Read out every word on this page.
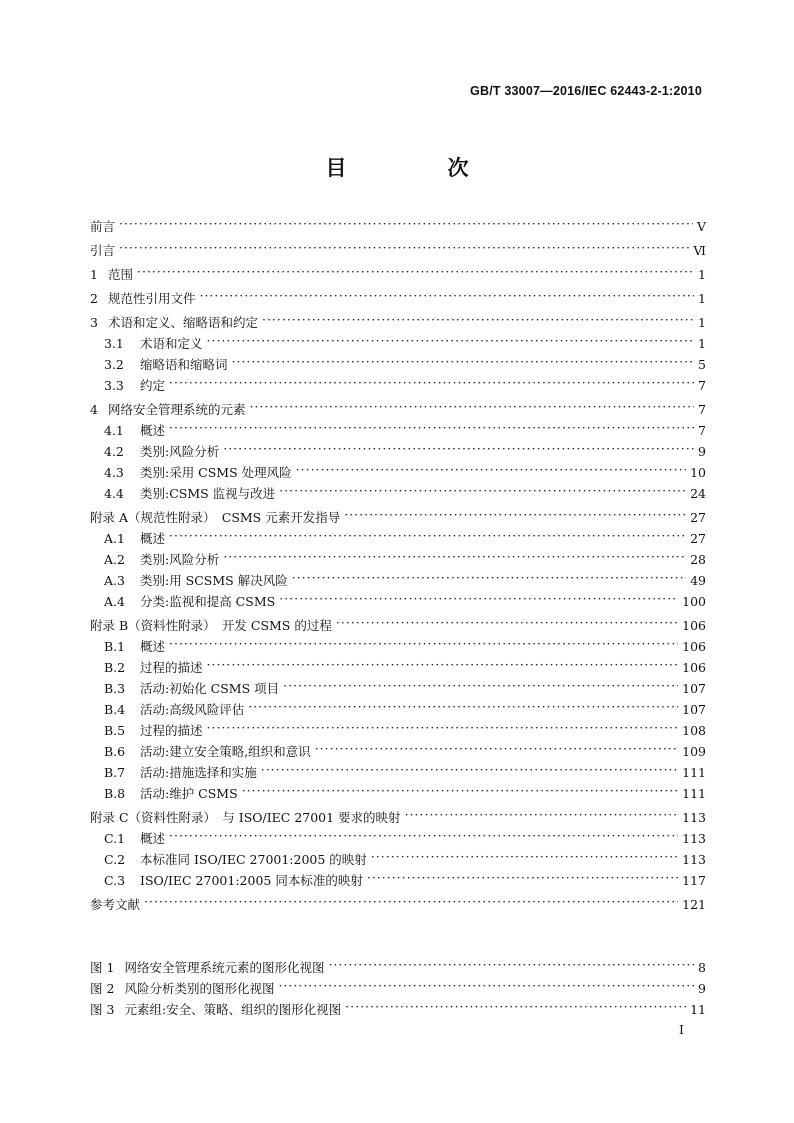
GB/T 33007—2016/IEC 62443-2-1:2010
目　次
前言 ·····	Ⅴ
引言 ·····	Ⅵ
1 范围 ·····	1
2 规范性引用文件 ·····	1
3 术语和定义、缩略语和约定 ·····	1
3.1	术语和定义 ·····	1
3.2	缩略语和缩略词 ·····	5
3.3	约定 ·····	7
4 网络安全管理系统的元素 ·····	7
4.1	概述 ·····	7
4.2	类别:风险分析 ·····	9
4.3	类别:采用 CSMS 处理风险 ·····	10
4.4	类别:CSMS 监视与改进 ·····	24
附录 A（规范性附录）　CSMS 元素开发指导 ·····	27
A.1	概述 ·····	27
A.2	类别:风险分析 ·····	28
A.3	类别:用 SCSMS 解决风险 ·····	49
A.4	分类:监视和提高 CSMS ·····	100
附录 B（资料性附录）　开发 CSMS 的过程 ·····	106
B.1	概述 ·····	106
B.2	过程的描述 ·····	106
B.3	活动:初始化 CSMS 项目 ·····	107
B.4	活动:高级风险评估 ·····	107
B.5	过程的描述 ·····	108
B.6	活动:建立安全策略,组织和意识 ·····	109
B.7	活动:措施选择和实施 ·····	111
B.8	活动:维护 CSMS ·····	111
附录 C（资料性附录）　与 ISO/IEC 27001 要求的映射 ·····	113
C.1	概述 ·····	113
C.2	本标准同 ISO/IEC 27001:2005 的映射 ·····	113
C.3	ISO/IEC 27001:2005 同本标准的映射 ·····	117
参考文献 ·····	121
图 1 网络安全管理系统元素的图形化视图 ·····	8
图 2 风险分析类别的图形化视图 ·····	9
图 3 元素组:安全、策略、组织的图形化视图 ·····	11
Ⅰ
